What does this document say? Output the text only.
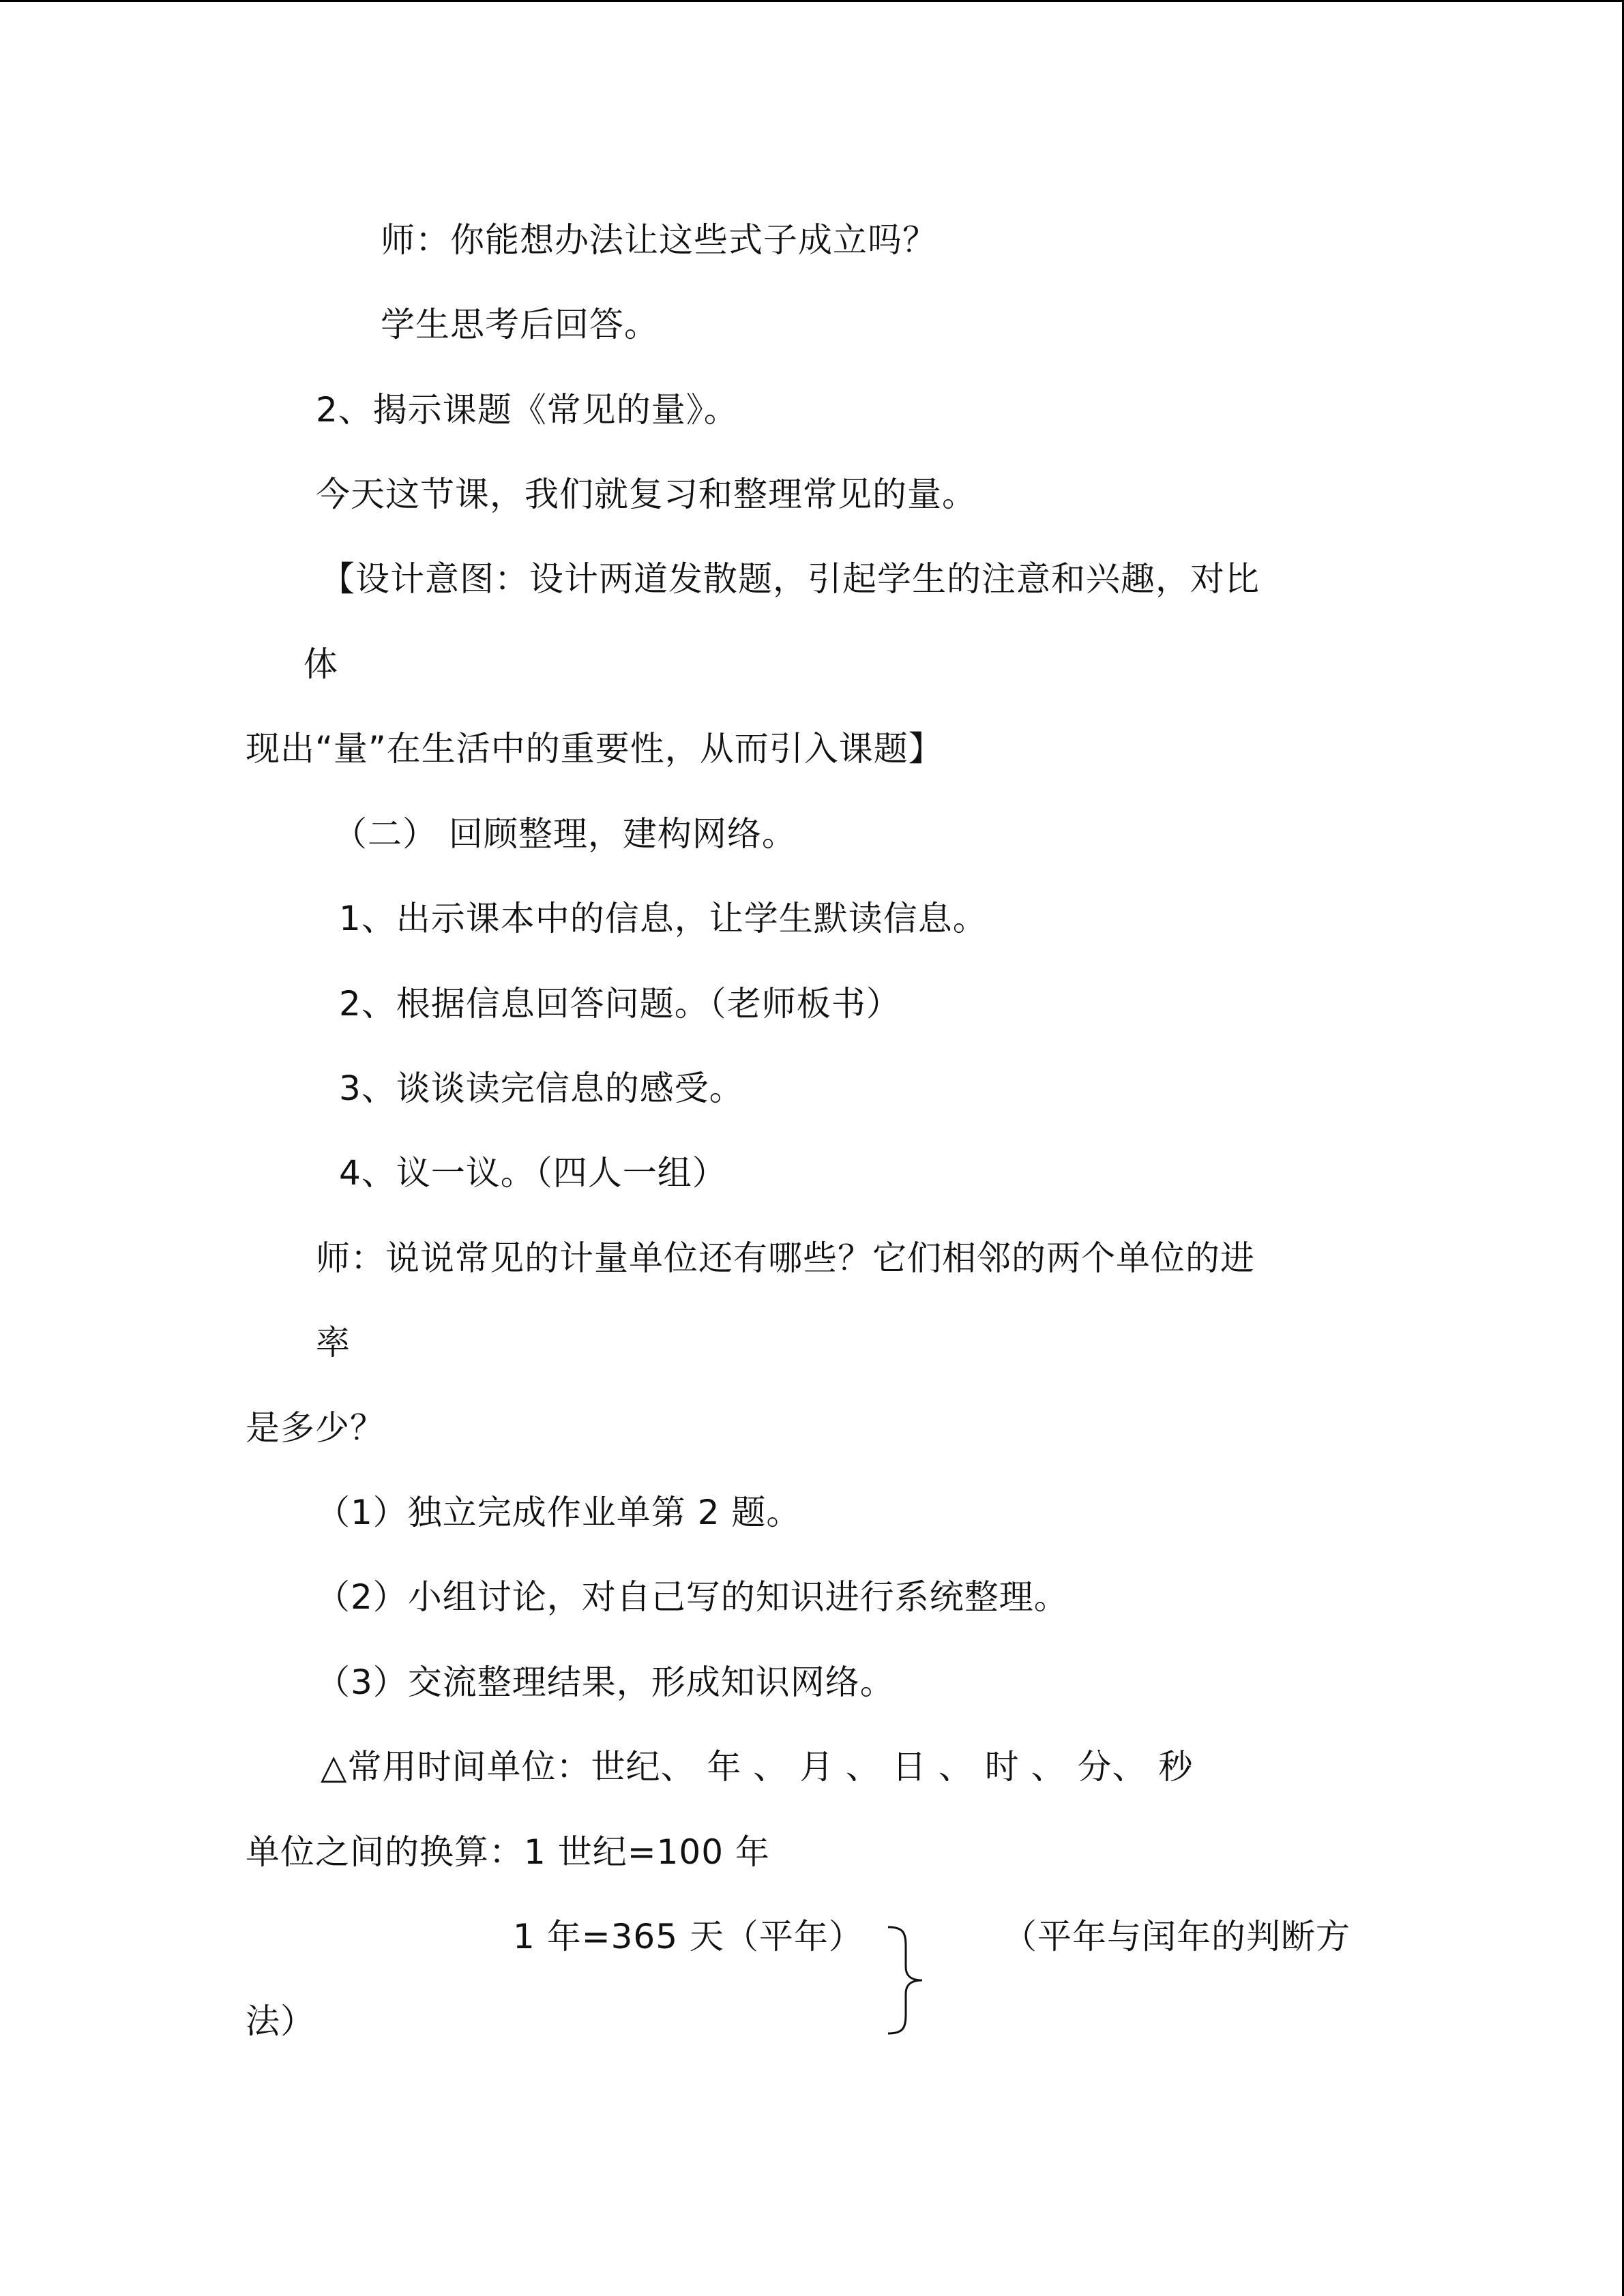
师：你能想办法让这些式子成立吗？
学生思考后回答。
2、揭示课题《常见的量》。
今天这节课，我们就复习和整理常见的量。
【设计意图：设计两道发散题，引起学生的注意和兴趣，对比
体
现出“量”在生活中的重要性，从而引入课题】
（二） 回顾整理，建构网络。
1、出示课本中的信息，让学生默读信息。
2、根据信息回答问题。（老师板书）
3、谈谈读完信息的感受。
4、议一议。（四人一组）
师：说说常见的计量单位还有哪些？它们相邻的两个单位的进
率
是多少？
（1）独立完成作业单第 2 题。
（2）小组讨论，对自己写的知识进行系统整理。
（3）交流整理结果，形成知识网络。
△常用时间单位：世纪、 年 、 月 、 日 、 时 、 分、 秒
单位之间的换算：1 世纪=100 年
1 年=365 天（平年）	（平年与闰年的判断方
法）
